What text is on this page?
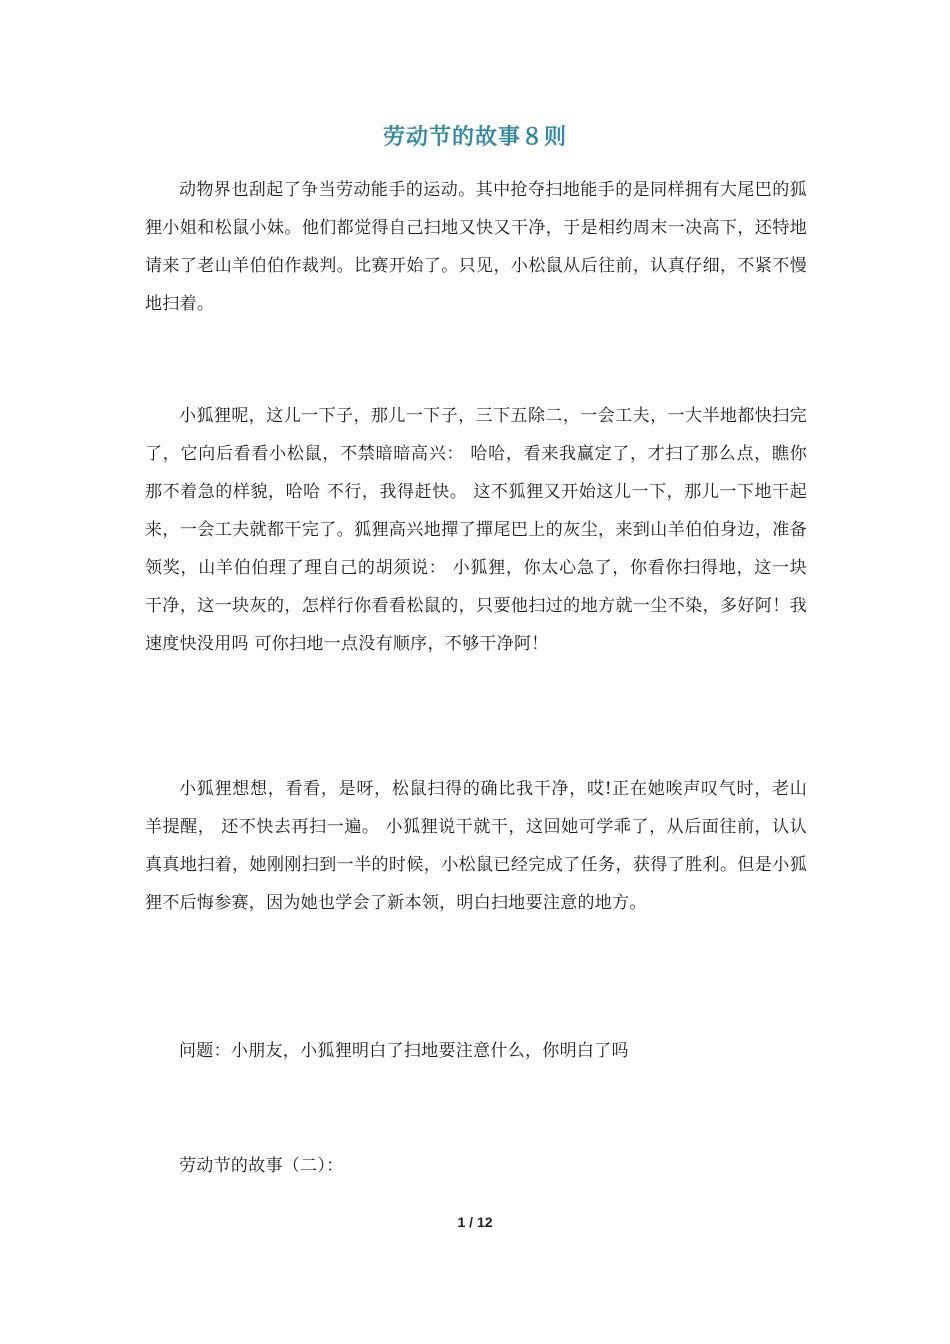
劳动节的故事８则

动物界也刮起了争当劳动能手的运动。其中抢夺扫地能手的是同样拥有大尾巴的狐狸小姐和松鼠小妹。他们都觉得自己扫地又快又干净，于是相约周末一决高下，还特地请来了老山羊伯伯作裁判。比赛开始了。只见，小松鼠从后往前，认真仔细，不紧不慢地扫着。

小狐狸呢，这儿一下子，那儿一下子，三下五除二，一会工夫，一大半地都快扫完了，它向后看看小松鼠，不禁暗暗高兴： 哈哈，看来我赢定了，才扫了那么点，瞧你那不着急的样貌，哈哈 不行，我得赶快。 这不狐狸又开始这儿一下，那儿一下地干起来，一会工夫就都干完了。狐狸高兴地撣了撣尾巴上的灰尘，来到山羊伯伯身边，准备领奖，山羊伯伯理了理自己的胡须说： 小狐狸，你太心急了，你看你扫得地，这一块干净，这一块灰的，怎样行你看看松鼠的，只要他扫过的地方就一尘不染，多好阿！我速度快没用吗 可你扫地一点没有顺序，不够干净阿！

小狐狸想想，看看，是呀，松鼠扫得的确比我干净，哎!正在她唉声叹气时，老山羊提醒， 还不快去再扫一遍。 小狐狸说干就干，这回她可学乖了，从后面往前，认认真真地扫着，她刚刚扫到一半的时候，小松鼠已经完成了任务，获得了胜利。但是小狐狸不后悔参赛，因为她也学会了新本领，明白扫地要注意的地方。

问题：小朋友，小狐狸明白了扫地要注意什么，你明白了吗

劳动节的故事（二）：

1 / 12
